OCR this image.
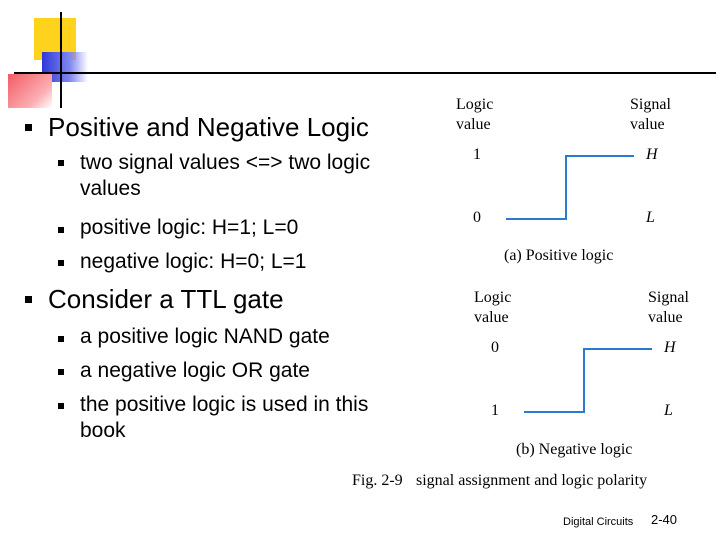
Positive and Negative Logic
two signal values <=> two logic values
positive logic: H=1; L=0
negative logic: H=0; L=1
Consider a TTL gate
a positive logic NAND gate
a negative logic OR gate
the positive logic is used in this book
Logic
value
Signal
value
1
0
H
L
(a) Positive logic
Logic
value
Signal
value
0
1
H
L
(b) Negative logic
Fig. 2-9 signal assignment and logic polarity
Digital Circuits 2-40
